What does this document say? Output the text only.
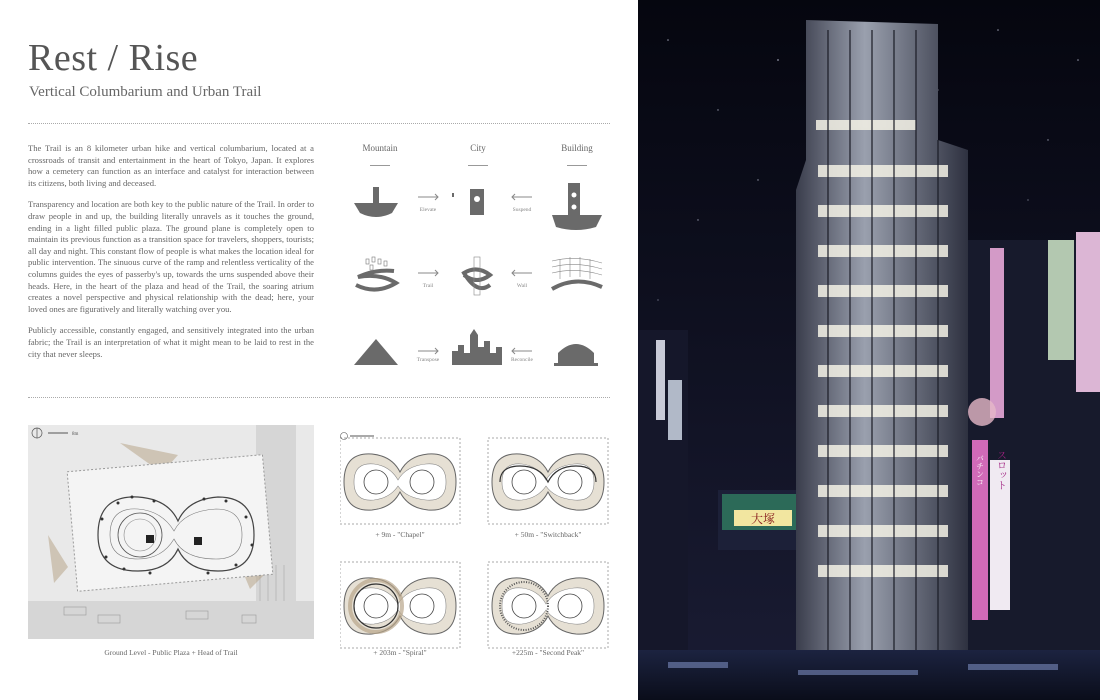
Rest / Rise
Vertical Columbarium and Urban Trail

The Trail is an 8 kilometer urban hike and vertical columbarium, located at a crossroads of transit and entertainment in the heart of Tokyo, Japan. It explores how a cemetery can function as an interface and catalyst for interaction between its citizens, both living and deceased.

Transparency and location are both key to the public nature of the Trail. In order to draw people in and up, the building literally unravels as it touches the ground, ending in a light filled public plaza. The ground plane is completely open to maintain its previous function as a transition space for travelers, shoppers, tourists; all day and night. This constant flow of people is what makes the location ideal for public intervention. The sinuous curve of the ramp and relentless verticality of the columns guides the eyes of passerby's up, towards the urns suspended above their heads. Here, in the heart of the plaza and head of the Trail, the soaring atrium creates a novel perspective and physical relationship with the dead; here, your loved ones are figuratively and literally watching over you.

Publicly accessible, constantly engaged, and sensitively integrated into the urban fabric; the Trail is an interpretation of what it might mean to be laid to rest in the city that never sleeps.

Mountain	City	Building
Elevate	Suspend
Trail	Wall
Transpose	Reconcile
8m
Ground Level - Public Plaza + Head of Trail
+ 9m - "Chapel"	+ 50m - "Switchback"
+ 203m - "Spiral"	+225m - "Second Peak"
大塚
バチンコ スロット
